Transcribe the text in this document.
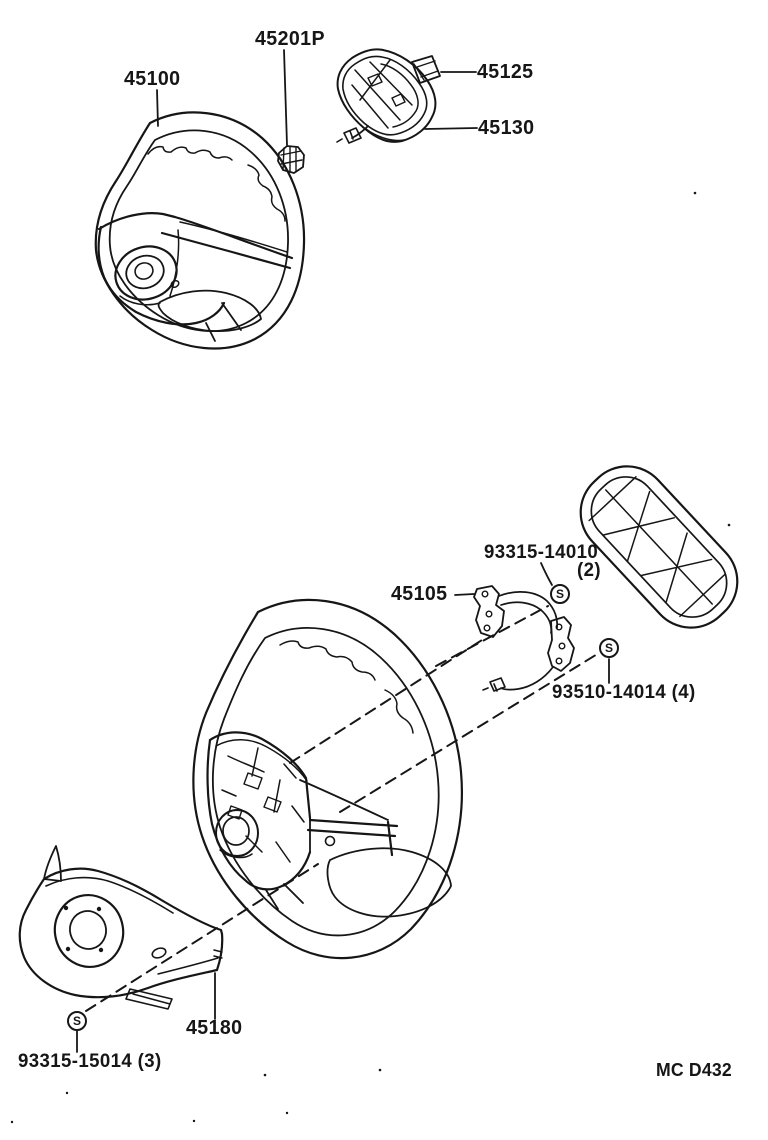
45100
45201P
45125
45130
93315-14010
(2)
45105
93510-14014 (4)
45180
93315-15014 (3)
S
S
S
MC D432
